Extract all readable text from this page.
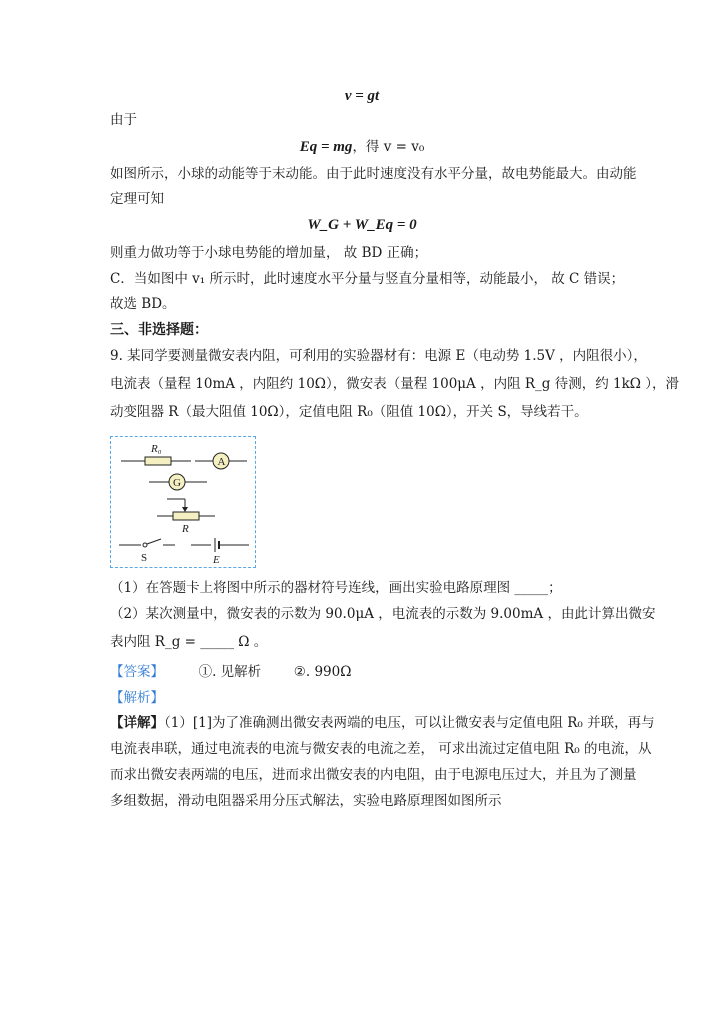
v = gt
由于
Eq = mg，得 v = v₀
如图所示，小球的动能等于末动能。由于此时速度没有水平分量，故电势能最大。由动能
定理可知
W_G + W_Eq = 0
则重力做功等于小球电势能的增加量， 故 BD 正确；
C．当如图中 v₁ 所示时，此时速度水平分量与竖直分量相等，动能最小， 故 C 错误；
故选 BD。
三、非选择题：
9. 某同学要测量微安表内阻，可利用的实验器材有：电源 E（电动势 1.5V ，内阻很小），
电流表（量程 10mA ，内阻约 10Ω），微安表（量程 100μA ，内阻 R_g 待测，约 1kΩ ），滑
动变阻器 R（最大阻值 10Ω），定值电阻 R₀（阻值 10Ω），开关 S，导线若干。
R₀
A
G
R
S	E
（1）在答题卡上将图中所示的器材符号连线，画出实验电路原理图 _____；
（2）某次测量中，微安表的示数为 90.0μA ，电流表的示数为 9.00mA ，由此计算出微安
表内阻 R_g = _____ Ω 。
【答案】	①. 见解析 ②. 990Ω
【解析】
【详解】（1）[1]为了准确测出微安表两端的电压，可以让微安表与定值电阻 R₀ 并联，再与
电流表串联，通过电流表的电流与微安表的电流之差， 可求出流过定值电阻 R₀ 的电流，从
而求出微安表两端的电压，进而求出微安表的内电阻，由于电源电压过大，并且为了测量
多组数据，滑动电阻器采用分压式解法，实验电路原理图如图所示
